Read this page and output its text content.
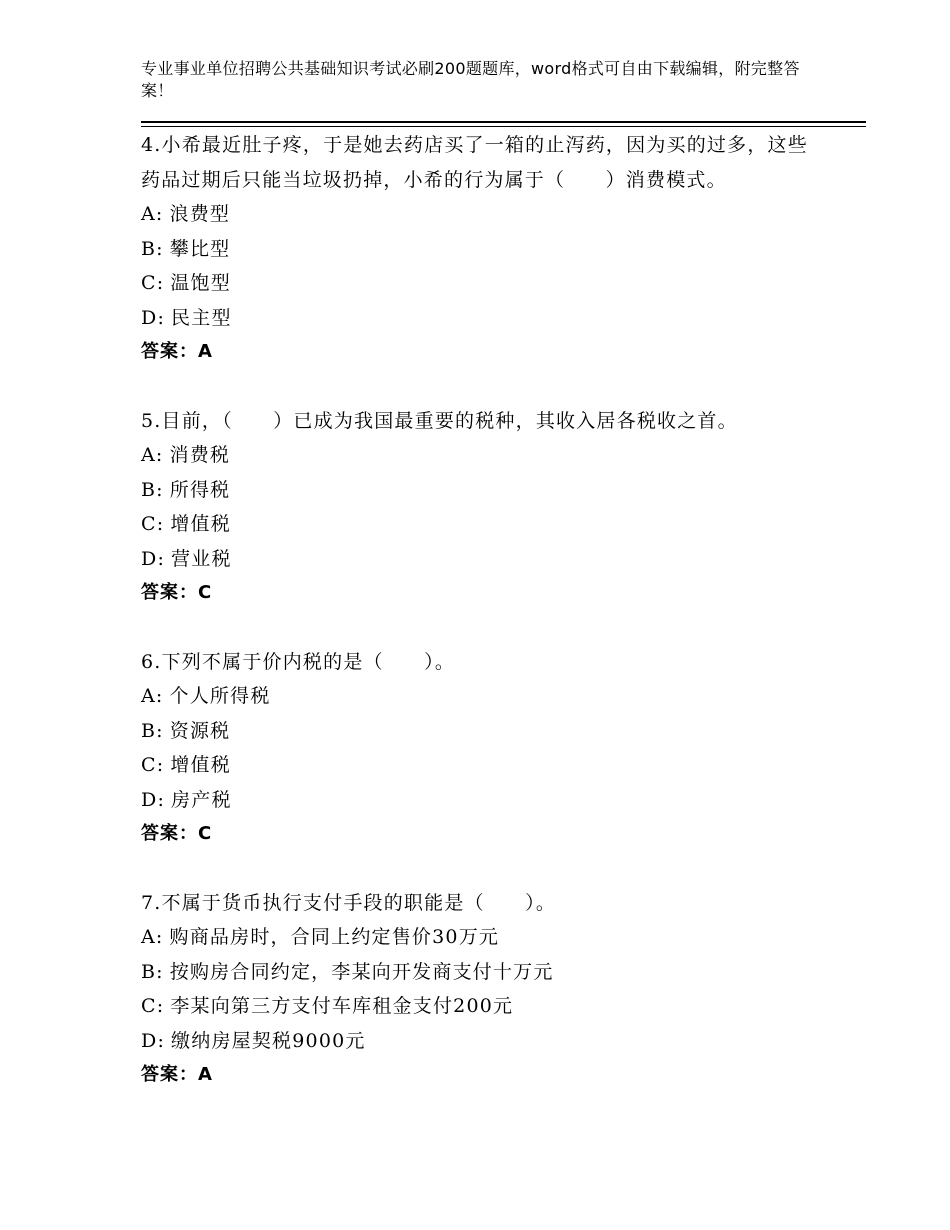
专业事业单位招聘公共基础知识考试必刷200题题库，word格式可自由下载编辑，附完整答案！

4.小希最近肚子疼，于是她去药店买了一箱的止泻药，因为买的过多，这些药品过期后只能当垃圾扔掉，小希的行为属于（　　）消费模式。

A: 浪费型

B: 攀比型

C: 温饱型

D: 民主型

答案：A

5.目前，（　　）已成为我国最重要的税种，其收入居各税收之首。

A: 消费税

B: 所得税

C: 增值税

D: 营业税

答案：C

6.下列不属于价内税的是（　　）。

A: 个人所得税

B: 资源税

C: 增值税

D: 房产税

答案：C

7.不属于货币执行支付手段的职能是（　　）。

A: 购商品房时，合同上约定售价30万元

B: 按购房合同约定，李某向开发商支付十万元

C: 李某向第三方支付车库租金支付200元

D: 缴纳房屋契税9000元

答案：A
